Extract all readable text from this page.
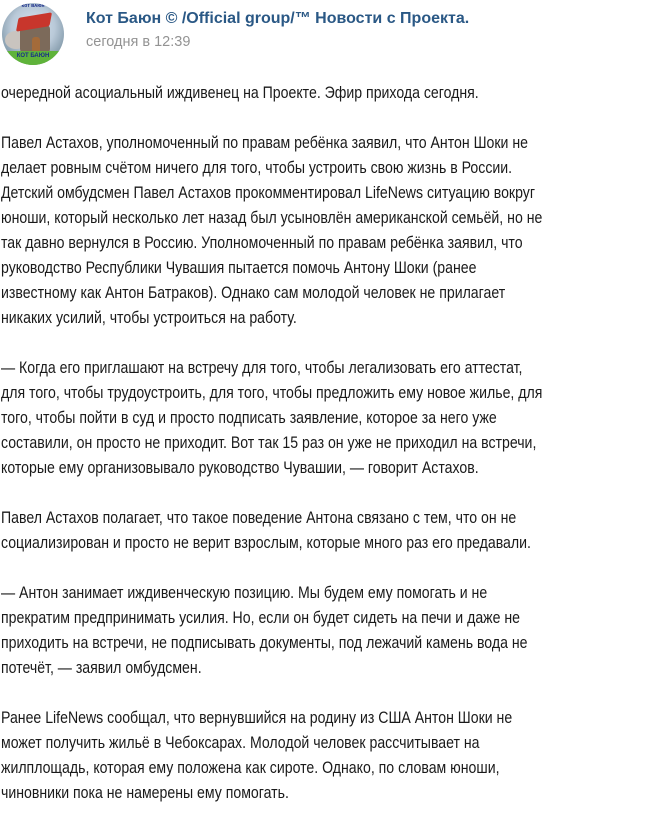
ᴋᴏᴛ ʙᴀюн
КОТ БАЮН
Кот Баюн © /Official group/™ Новости с Проекта.
сегодня в 12:39

очередной асоциальный иждивенец на Проекте. Эфир прихода сегодня.

Павел Астахов, уполномоченный по правам ребёнка заявил, что Антон Шоки не
делает ровным счётом ничего для того, чтобы устроить свою жизнь в России.
Детский омбудсмен Павел Астахов прокомментировал LifeNews ситуацию вокруг
юноши, который несколько лет назад был усыновлён американской семьёй, но не
так давно вернулся в Россию. Уполномоченный по правам ребёнка заявил, что
руководство Республики Чувашия пытается помочь Антону Шоки (ранее
известному как Антон Батраков). Однако сам молодой человек не прилагает
никаких усилий, чтобы устроиться на работу.

— Когда его приглашают на встречу для того, чтобы легализовать его аттестат,
для того, чтобы трудоустроить, для того, чтобы предложить ему новое жилье, для
того, чтобы пойти в суд и просто подписать заявление, которое за него уже
составили, он просто не приходит. Вот так 15 раз он уже не приходил на встречи,
которые ему организовывало руководство Чувашии, — говорит Астахов.

Павел Астахов полагает, что такое поведение Антона связано с тем, что он не
социализирован и просто не верит взрослым, которые много раз его предавали.

— Антон занимает иждивенческую позицию. Мы будем ему помогать и не
прекратим предпринимать усилия. Но, если он будет сидеть на печи и даже не
приходить на встречи, не подписывать документы, под лежачий камень вода не
потечёт, — заявил омбудсмен.

Ранее LifeNews сообщал, что вернувшийся на родину из США Антон Шоки не
может получить жильё в Чебоксарах. Молодой человек рассчитывает на
жилплощадь, которая ему положена как сироте. Однако, по словам юноши,
чиновники пока не намерены ему помогать.
